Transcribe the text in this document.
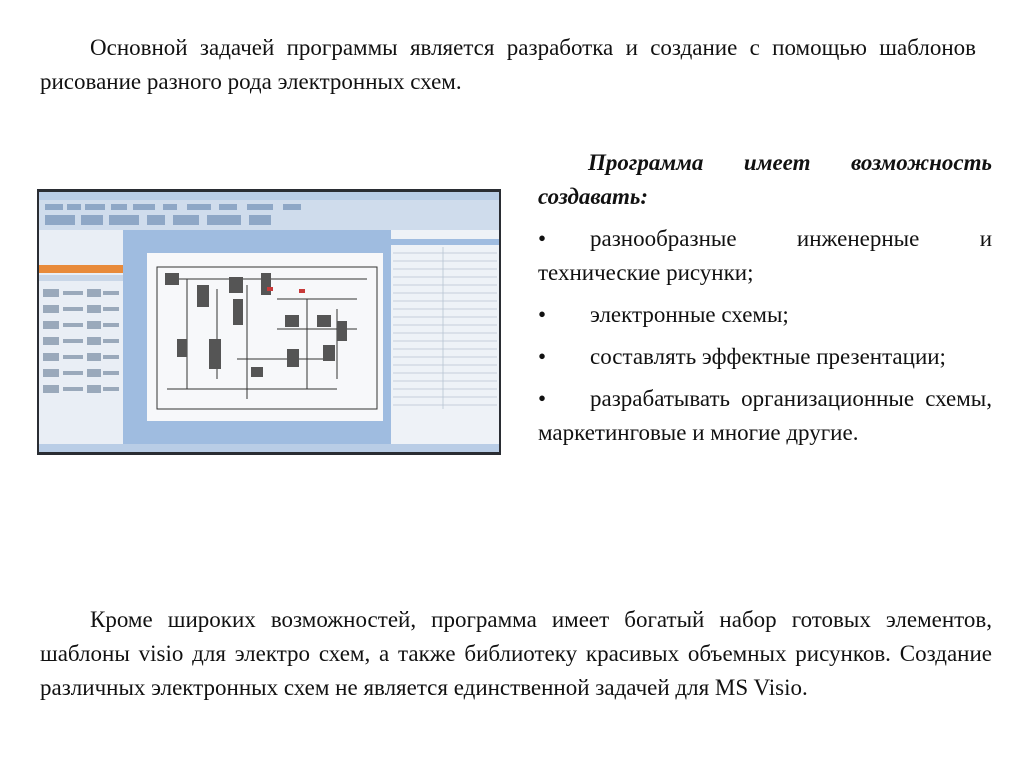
Основной задачей программы является разработка и создание с помощью шаблонов рисование разного рода электронных схем.

Программа имеет возможность создавать:

• разнообразные инженерные и технические рисунки;
• электронные схемы;
• составлять эффектные презентации;
• разрабатывать организационные схемы, маркетинговые и многие другие.

Кроме широких возможностей, программа имеет богатый набор готовых элементов, шаблоны visio для электро схем, а также библиотеку красивых объемных рисунков. Создание различных электронных схем не является единственной задачей для MS Visio.
